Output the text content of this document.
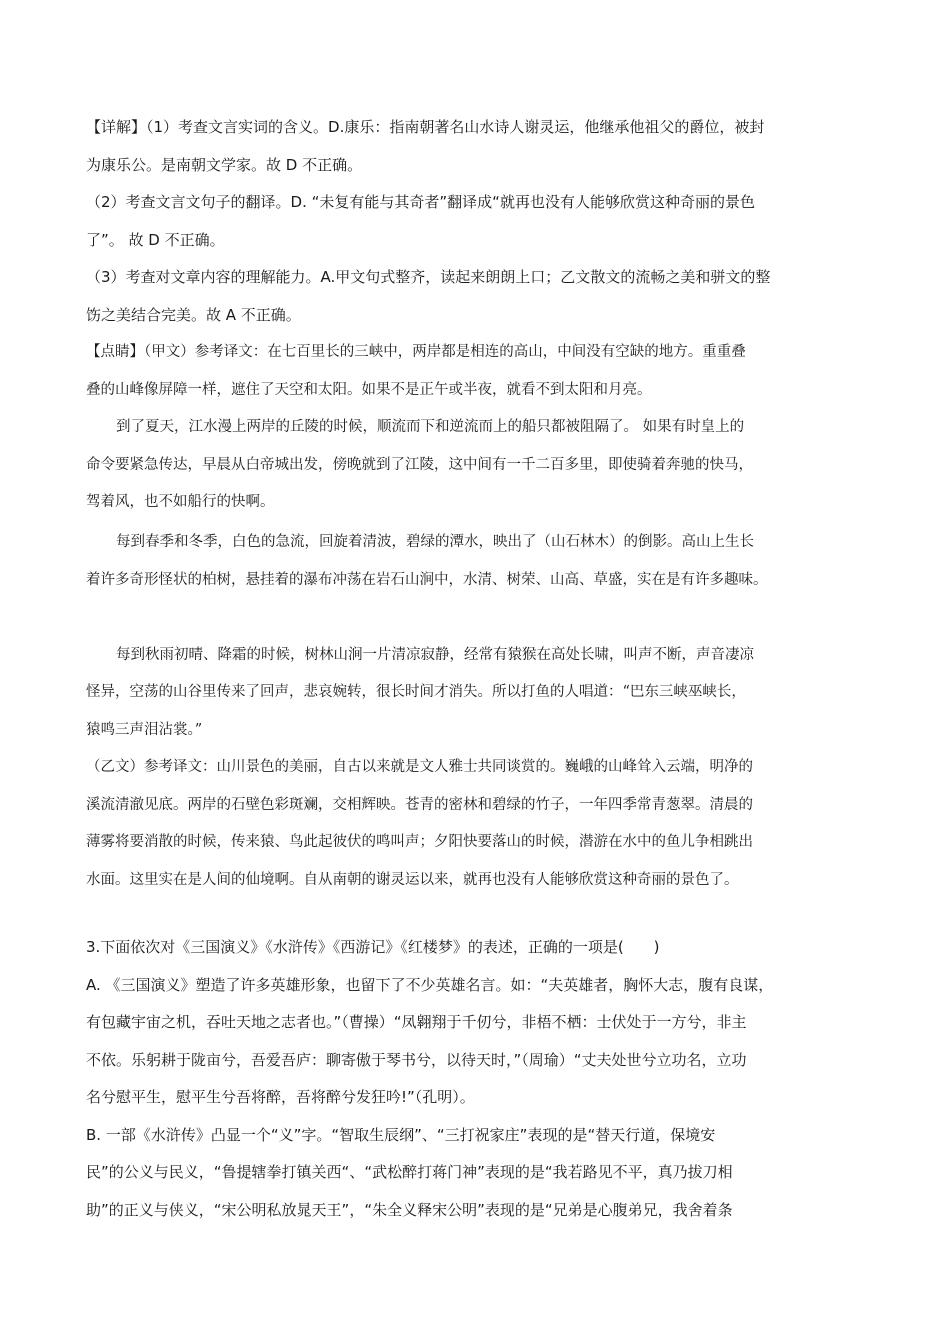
【详解】（1）考查文言实词的含义。D.康乐：指南朝著名山水诗人谢灵运，他继承他祖父的爵位，被封
为康乐公。是南朝文学家。故 D 不正确。
（2）考查文言文句子的翻译。D. “未复有能与其奇者”翻译成“就再也没有人能够欣赏这种奇丽的景色
了”。 故 D 不正确。
（3）考查对文章内容的理解能力。A.甲文句式整齐，读起来朗朗上口；乙文散文的流畅之美和骈文的整
饬之美结合完美。故 A 不正确。
【点睛】（甲文）参考译文：在七百里长的三峡中，两岸都是相连的高山，中间没有空缺的地方。重重叠
叠的山峰像屏障一样，遮住了天空和太阳。如果不是正午或半夜，就看不到太阳和月亮。
到了夏天，江水漫上两岸的丘陵的时候，顺流而下和逆流而上的船只都被阻隔了。 如果有时皇上的
命令要紧急传达，早晨从白帝城出发，傍晚就到了江陵，这中间有一千二百多里，即使骑着奔驰的快马，
驾着风，也不如船行的快啊。
每到春季和冬季，白色的急流，回旋着清波，碧绿的潭水，映出了（山石林木）的倒影。高山上生长
着许多奇形怪状的柏树，悬挂着的瀑布冲荡在岩石山涧中，水清、树荣、山高、草盛，实在是有许多趣味。
每到秋雨初晴、降霜的时候，树林山涧一片清凉寂静，经常有猿猴在高处长啸，叫声不断，声音凄凉
怪异，空荡的山谷里传来了回声，悲哀婉转，很长时间才消失。所以打鱼的人唱道：“巴东三峡巫峡长，
猿鸣三声泪沾裳。”
（乙文）参考译文：山川景色的美丽，自古以来就是文人雅士共同谈赏的。巍峨的山峰耸入云端，明净的
溪流清澈见底。两岸的石壁色彩斑斓，交相辉映。苍青的密林和碧绿的竹子，一年四季常青葱翠。清晨的
薄雾将要消散的时候，传来猿、鸟此起彼伏的鸣叫声；夕阳快要落山的时候，潜游在水中的鱼儿争相跳出
水面。这里实在是人间的仙境啊。自从南朝的谢灵运以来，就再也没有人能够欣赏这种奇丽的景色了。
3.下面依次对《三国演义》《水浒传》《西游记》《红楼梦》的表述，正确的一项是(　　)
A. 《三国演义》塑造了许多英雄形象，也留下了不少英雄名言。如：“夫英雄者，胸怀大志，腹有良谋，
有包藏宇宙之机，吞吐天地之志者也。”（曹操）“凤翱翔于千仞兮，非梧不栖：士伏处于一方兮，非主
不依。乐躬耕于陇亩兮，吾爱吾庐：聊寄傲于琴书兮，以待天时，”（周瑜）“丈夫处世兮立功名，立功
名兮慰平生，慰平生兮吾将醉，吾将醉兮发狂吟!”（孔明）。
B. 一部《水浒传》凸显一个“义”字。“智取生辰纲”、“三打祝家庄”表现的是“替天行道，保境安
民”的公义与民义，“鲁提辖拳打镇关西“、“武松醉打蒋门神”表现的是“我若路见不平，真乃拔刀相
助”的正义与侠义，“宋公明私放晁天王”，“朱全义释宋公明”表现的是“兄弟是心腹弟兄，我舍着条
